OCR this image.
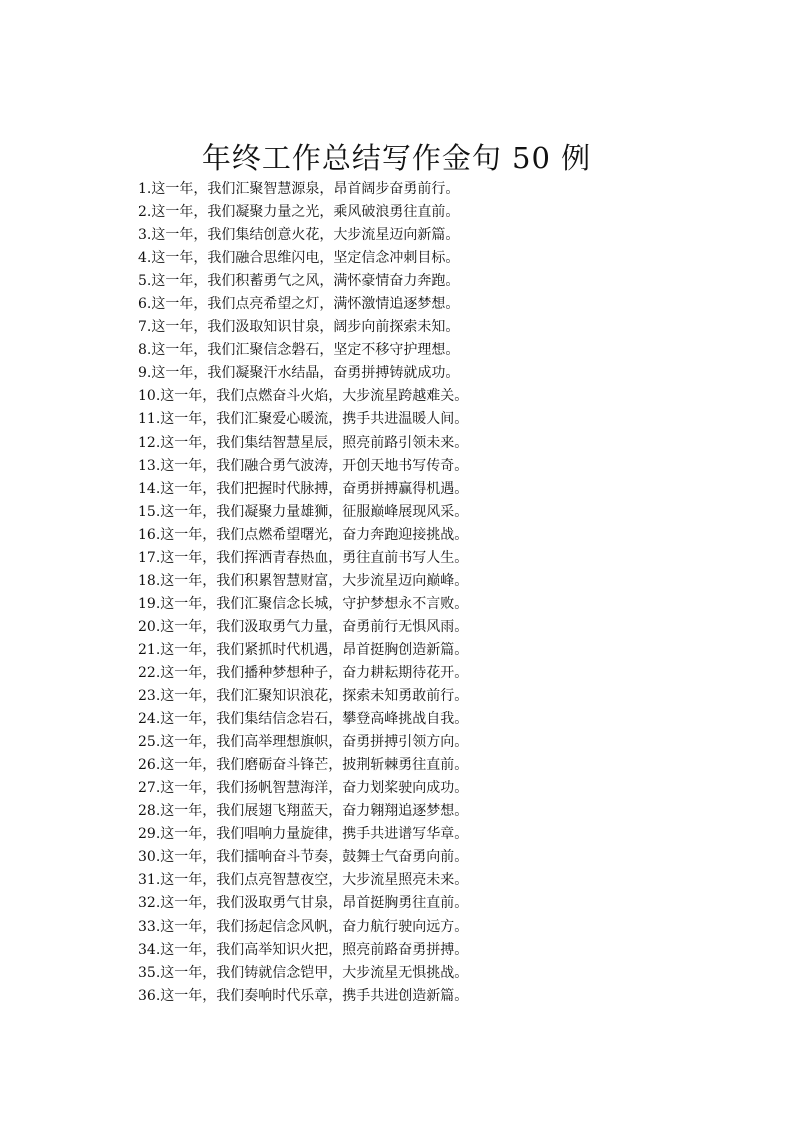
年终工作总结写作金句 50 例
1.这一年，我们汇聚智慧源泉，昂首阔步奋勇前行。
2.这一年，我们凝聚力量之光，乘风破浪勇往直前。
3.这一年，我们集结创意火花，大步流星迈向新篇。
4.这一年，我们融合思维闪电，坚定信念冲刺目标。
5.这一年，我们积蓄勇气之风，满怀豪情奋力奔跑。
6.这一年，我们点亮希望之灯，满怀激情追逐梦想。
7.这一年，我们汲取知识甘泉，阔步向前探索未知。
8.这一年，我们汇聚信念磐石，坚定不移守护理想。
9.这一年，我们凝聚汗水结晶，奋勇拼搏铸就成功。
10.这一年，我们点燃奋斗火焰，大步流星跨越难关。
11.这一年，我们汇聚爱心暖流，携手共进温暖人间。
12.这一年，我们集结智慧星辰，照亮前路引领未来。
13.这一年，我们融合勇气波涛，开创天地书写传奇。
14.这一年，我们把握时代脉搏，奋勇拼搏赢得机遇。
15.这一年，我们凝聚力量雄狮，征服巅峰展现风采。
16.这一年，我们点燃希望曙光，奋力奔跑迎接挑战。
17.这一年，我们挥洒青春热血，勇往直前书写人生。
18.这一年，我们积累智慧财富，大步流星迈向巅峰。
19.这一年，我们汇聚信念长城，守护梦想永不言败。
20.这一年，我们汲取勇气力量，奋勇前行无惧风雨。
21.这一年，我们紧抓时代机遇，昂首挺胸创造新篇。
22.这一年，我们播种梦想种子，奋力耕耘期待花开。
23.这一年，我们汇聚知识浪花，探索未知勇敢前行。
24.这一年，我们集结信念岩石，攀登高峰挑战自我。
25.这一年，我们高举理想旗帜，奋勇拼搏引领方向。
26.这一年，我们磨砺奋斗锋芒，披荆斩棘勇往直前。
27.这一年，我们扬帆智慧海洋，奋力划桨驶向成功。
28.这一年，我们展翅飞翔蓝天，奋力翱翔追逐梦想。
29.这一年，我们唱响力量旋律，携手共进谱写华章。
30.这一年，我们擂响奋斗节奏，鼓舞士气奋勇向前。
31.这一年，我们点亮智慧夜空，大步流星照亮未来。
32.这一年，我们汲取勇气甘泉，昂首挺胸勇往直前。
33.这一年，我们扬起信念风帆，奋力航行驶向远方。
34.这一年，我们高举知识火把，照亮前路奋勇拼搏。
35.这一年，我们铸就信念铠甲，大步流星无惧挑战。
36.这一年，我们奏响时代乐章，携手共进创造新篇。
